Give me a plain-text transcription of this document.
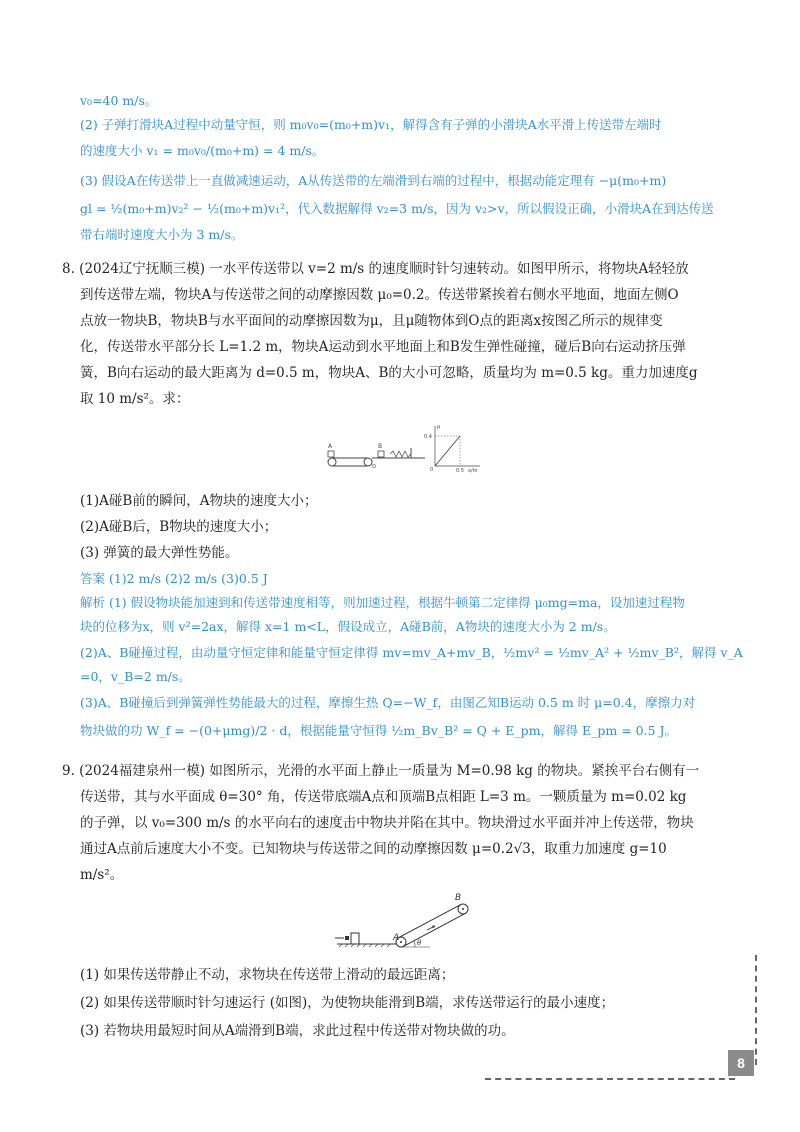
v₀=40 m/s。
(2) 子弹打滑块A过程中动量守恒，则 m₀v₀=(m₀+m)v₁，解得含有子弹的小滑块A水平滑上传送带左端时
的速度大小 v₁ = m₀v₀/(m₀+m) = 4 m/s。
(3) 假设A在传送带上一直做减速运动，A从传送带的左端滑到右端的过程中，根据动能定理有 −μ(m₀+m)
gl = ½(m₀+m)v₂² − ½(m₀+m)v₁²，代入数据解得 v₂=3 m/s，因为 v₂>v，所以假设正确，小滑块A在到达传送
带右端时速度大小为 3 m/s。
8. (2024辽宁抚顺三模) 一水平传送带以 v=2 m/s 的速度顺时针匀速转动。如图甲所示，将物块A轻轻放
到传送带左端，物块A与传送带之间的动摩擦因数 μ₀=0.2。传送带紧挨着右侧水平地面，地面左侧O
点放一物块B，物块B与水平面间的动摩擦因数为μ，且μ随物体到O点的距离x按图乙所示的规律变
化，传送带水平部分长 L=1.2 m，物块A运动到水平地面上和B发生弹性碰撞，碰后B向右运动挤压弹
簧，B向右运动的最大距离为 d=0.5 m，物块A、B的大小可忽略，质量均为 m=0.5 kg。重力加速度g
取 10 m/s²。求：
A	B
O
μ
0.4
0.5 x/m
0
(1)A碰B前的瞬间，A物块的速度大小；
(2)A碰B后，B物块的速度大小；
(3) 弹簧的最大弹性势能。
答案 (1)2 m/s (2)2 m/s (3)0.5 J
解析 (1) 假设物块能加速到和传送带速度相等，则加速过程，根据牛顿第二定律得 μ₀mg=ma，设加速过程物
块的位移为x，则 v²=2ax，解得 x=1 m<L，假设成立，A碰B前，A物块的速度大小为 2 m/s。
(2)A、B碰撞过程，由动量守恒定律和能量守恒定律得 mv=mv_A+mv_B，½mv² = ½mv_A² + ½mv_B²，解得 v_A
=0，v_B=2 m/s。
(3)A、B碰撞后到弹簧弹性势能最大的过程，摩擦生热 Q=−W_f，由图乙知B运动 0.5 m 时 μ=0.4，摩擦力对
物块做的功 W_f = −(0+μmg)/2 · d，根据能量守恒得 ½m_Bv_B² = Q + E_pm，解得 E_pm = 0.5 J。
9. (2024福建泉州一模) 如图所示，光滑的水平面上静止一质量为 M=0.98 kg 的物块。紧挨平台右侧有一
传送带，其与水平面成 θ=30° 角，传送带底端A点和顶端B点相距 L=3 m。一颗质量为 m=0.02 kg
的子弹，以 v₀=300 m/s 的水平向右的速度击中物块并陷在其中。物块滑过水平面并冲上传送带，物块
通过A点前后速度大小不变。已知物块与传送带之间的动摩擦因数 μ=0.2√3，取重力加速度 g=10
m/s²。
A
B
θ
(1) 如果传送带静止不动，求物块在传送带上滑动的最远距离；
(2) 如果传送带顺时针匀速运行 (如图)，为使物块能滑到B端，求传送带运行的最小速度；
(3) 若物块用最短时间从A端滑到B端，求此过程中传送带对物块做的功。
8
